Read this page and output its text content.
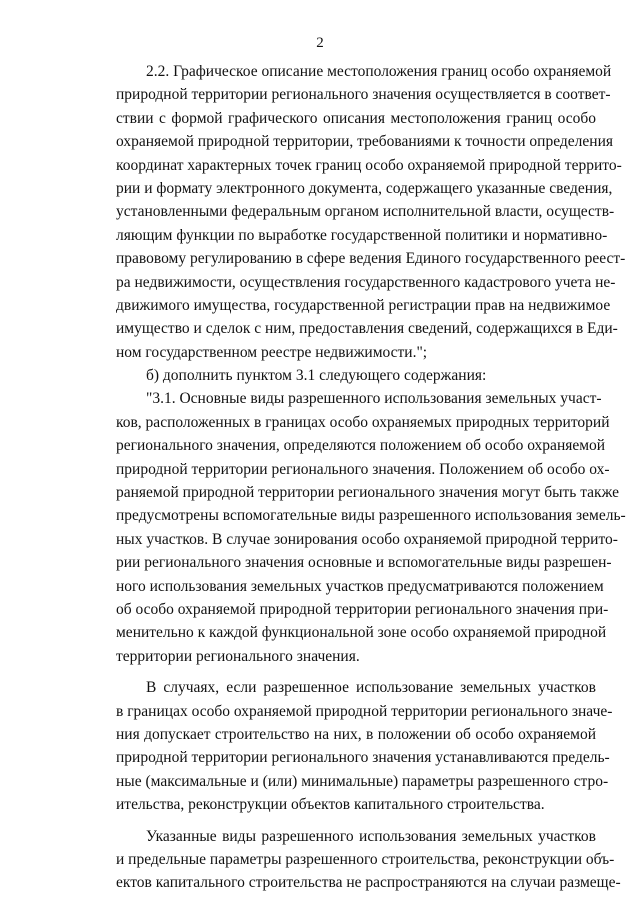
2
2.2. Графическое описание местоположения границ особо охраняемой
природной территории регионального значения осуществляется в соответ-
ствии с формой графического описания местоположения границ особо
охраняемой природной территории, требованиями к точности определения
координат характерных точек границ особо охраняемой природной террито-
рии и формату электронного документа, содержащего указанные сведения,
установленными федеральным органом исполнительной власти, осуществ-
ляющим функции по выработке государственной политики и нормативно-
правовому регулированию в сфере ведения Единого государственного реест-
ра недвижимости, осуществления государственного кадастрового учета не-
движимого имущества, государственной регистрации прав на недвижимое
имущество и сделок с ним, предоставления сведений, содержащихся в Еди-
ном государственном реестре недвижимости.";
б) дополнить пунктом 3.1 следующего содержания:
"3.1. Основные виды разрешенного использования земельных участ-
ков, расположенных в границах особо охраняемых природных территорий
регионального значения, определяются положением об особо охраняемой
природной территории регионального значения. Положением об особо ох-
раняемой природной территории регионального значения могут быть также
предусмотрены вспомогательные виды разрешенного использования земель-
ных участков. В случае зонирования особо охраняемой природной террито-
рии регионального значения основные и вспомогательные виды разрешен-
ного использования земельных участков предусматриваются положением
об особо охраняемой природной территории регионального значения при-
менительно к каждой функциональной зоне особо охраняемой природной
территории регионального значения.
В случаях, если разрешенное использование земельных участков
в границах особо охраняемой природной территории регионального значе-
ния допускает строительство на них, в положении об особо охраняемой
природной территории регионального значения устанавливаются предель-
ные (максимальные и (или) минимальные) параметры разрешенного стро-
ительства, реконструкции объектов капитального строительства.
Указанные виды разрешенного использования земельных участков
и предельные параметры разрешенного строительства, реконструкции объ-
ектов капитального строительства не распространяются на случаи размеще-
